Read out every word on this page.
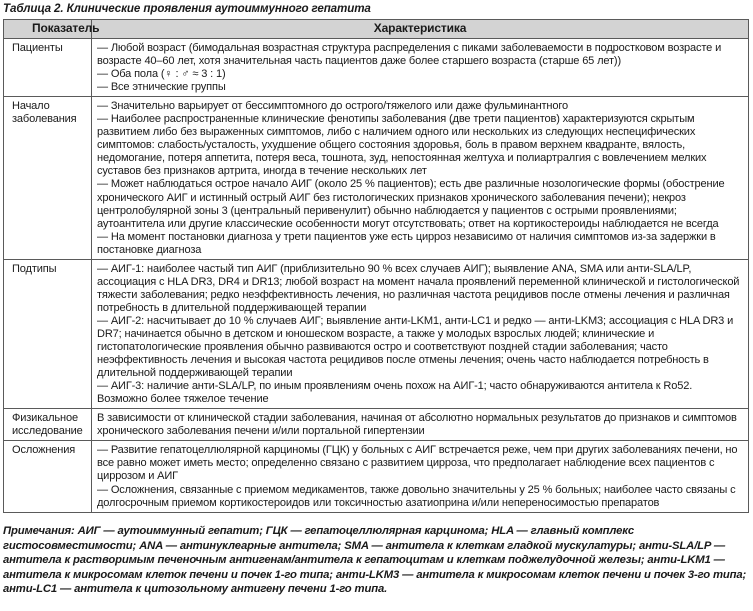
Таблица 2. Клинические проявления аутоиммунного гепатита
Показатель	Характеристика
Пациенты	— Любой возраст (бимодальная возрастная структура распределения с пиками заболеваемости в подростковом возрасте и возрасте 40–60 лет, хотя значительная часть пациентов даже более старшего возраста (старше 65 лет))
— Оба пола (♀ : ♂ ≈ 3 : 1)
— Все этнические группы

Начало заболевания	— Значительно варьирует от бессимптомного до острого/тяжелого или даже фульминантного
— Наиболее распространенные клинические фенотипы заболевания (две трети пациентов) характеризуются скрытым развитием либо без выраженных симптомов, либо с наличием одного или нескольких из следующих неспецифических симптомов: слабость/усталость, ухудшение общего состояния здоровья, боль в правом верхнем квадранте, вялость, недомогание, потеря аппетита, потеря веса, тошнота, зуд, непостоянная желтуха и полиартралгия с вовлечением мелких суставов без признаков артрита, иногда в течение нескольких лет
— Может наблюдаться острое начало АИГ (около 25 % пациентов); есть две различные нозологические формы (обострение хронического АИГ и истинный острый АИГ без гистологических признаков хронического заболевания печени); некроз центролобулярной зоны 3 (центральный перивенулит) обычно наблюдается у пациентов с острыми проявлениями; аутоантитела или другие классические особенности могут отсутствовать; ответ на кортикостероиды наблюдается не всегда
— На момент постановки диагноза у трети пациентов уже есть цирроз независимо от наличия симптомов из-за задержки в постановке диагноза

Подтипы	— АИГ-1: наиболее частый тип АИГ (приблизительно 90 % всех случаев АИГ); выявление ANA, SMA или анти-SLA/LP, ассоциация с HLA DR3, DR4 и DR13; любой возраст на момент начала проявлений переменной клинической и гистологической тяжести заболевания; редко неэффективность лечения, но различная частота рецидивов после отмены лечения и различная потребность в длительной поддерживающей терапии
— АИГ-2: насчитывает до 10 % случаев АИГ; выявление анти-LKM1, анти-LC1 и редко — анти-LKM3; ассоциация с HLA DR3 и DR7; начинается обычно в детском и юношеском возрасте, а также у молодых взрослых людей; клинические и гистопатологические проявления обычно развиваются остро и соответствуют поздней стадии заболевания; часто неэффективность лечения и высокая частота рецидивов после отмены лечения; очень часто наблюдается потребность в длительной поддерживающей терапии
— АИГ-3: наличие анти-SLA/LP, по иным проявлениям очень похож на АИГ-1; часто обнаруживаются антитела к Ro52. Возможно более тяжелое течение

Физикальное исследование	В зависимости от клинической стадии заболевания, начиная от абсолютно нормальных результатов до признаков и симптомов хронического заболевания печени и/или портальной гипертензии

Осложнения	— Развитие гепатоцеллюлярной карциномы (ГЦК) у больных с АИГ встречается реже, чем при других заболеваниях печени, но все равно может иметь место; определенно связано с развитием цирроза, что предполагает наблюдение всех пациентов с циррозом и АИГ
— Осложнения, связанные с приемом медикаментов, также довольно значительны у 25 % больных; наиболее часто связаны с долгосрочным приемом кортикостероидов или токсичностью азатиоприна и/или непереносимостью препаратов
Примечания: АИГ — аутоиммунный гепатит; ГЦК — гепатоцеллюлярная карцинома; HLA — главный комплекс гистосовместимости; ANA — антинуклеарные антитела; SMA — антитела к клеткам гладкой мускулатуры; анти-SLA/LP — антитела к растворимым печеночным антигенам/антитела к гепатоцитам и клеткам поджелудочной железы; анти-LKM1 — антитела к микросомам клеток печени и почек 1-го типа; анти-LKM3 — антитела к микросомам клеток печени и почек 3-го типа; анти-LC1 — антитела к цитозольному антигену печени 1-го типа.
